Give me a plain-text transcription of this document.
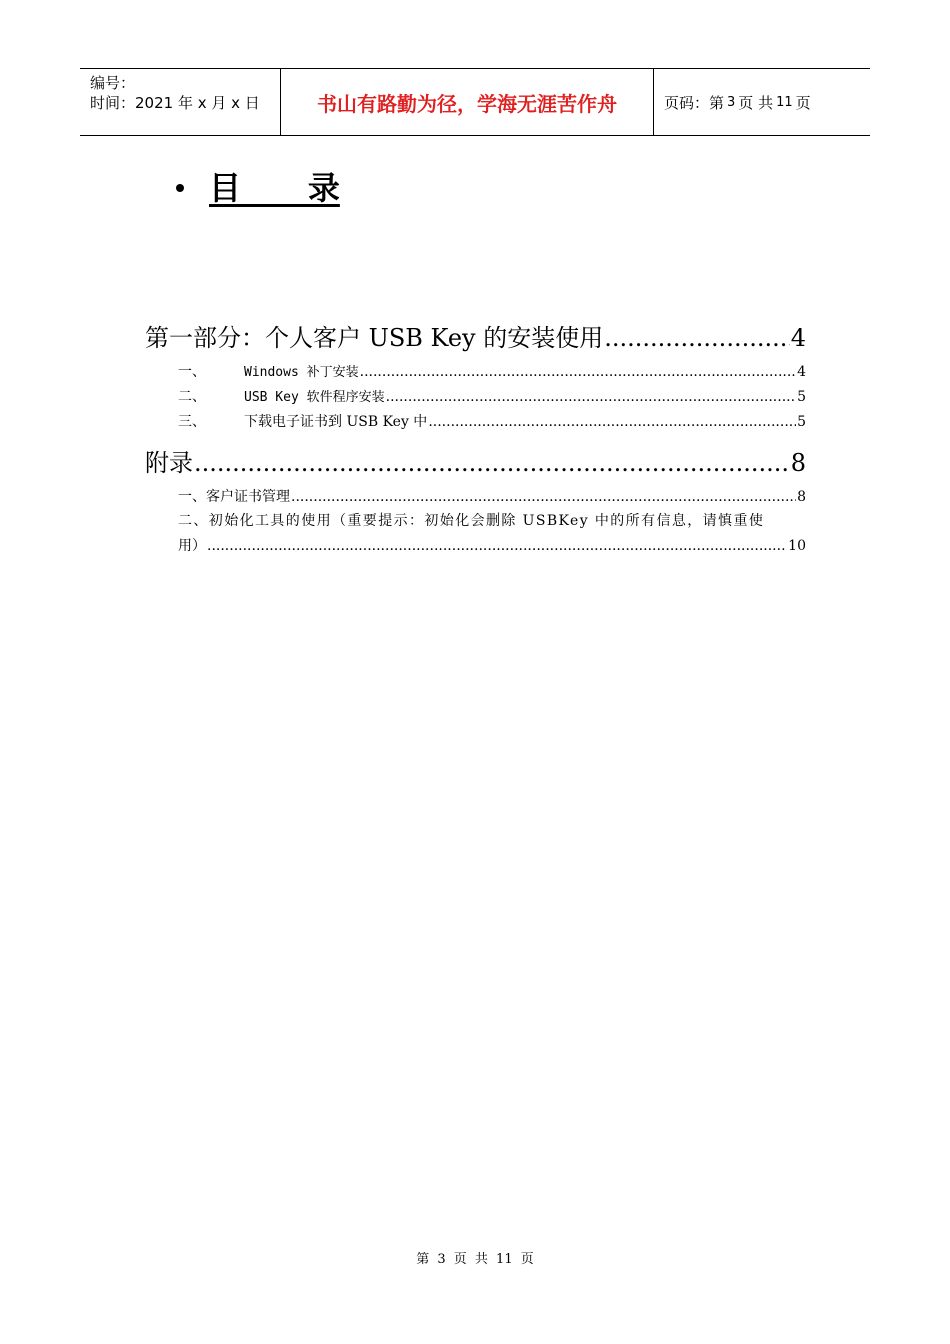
编号：
时间：2021 年 x 月 x 日	书山有路勤为径，学海无涯苦作舟	页码：第 3 页 共 11 页
目      录
第一部分：个人客户 USB Key 的安装使用 .....	4
一、	Windows 补丁安装 .....	4
二、	USB Key 软件程序安装 .....	5
三、	下载电子证书到 USB Key 中 .....	5
附录 .....	8
一、客户证书管理 .....	8
二、初始化工具的使用（重要提示：初始化会删除 USBKey 中的所有信息，请慎重使
用） .....	10
第 3 页 共 11 页
